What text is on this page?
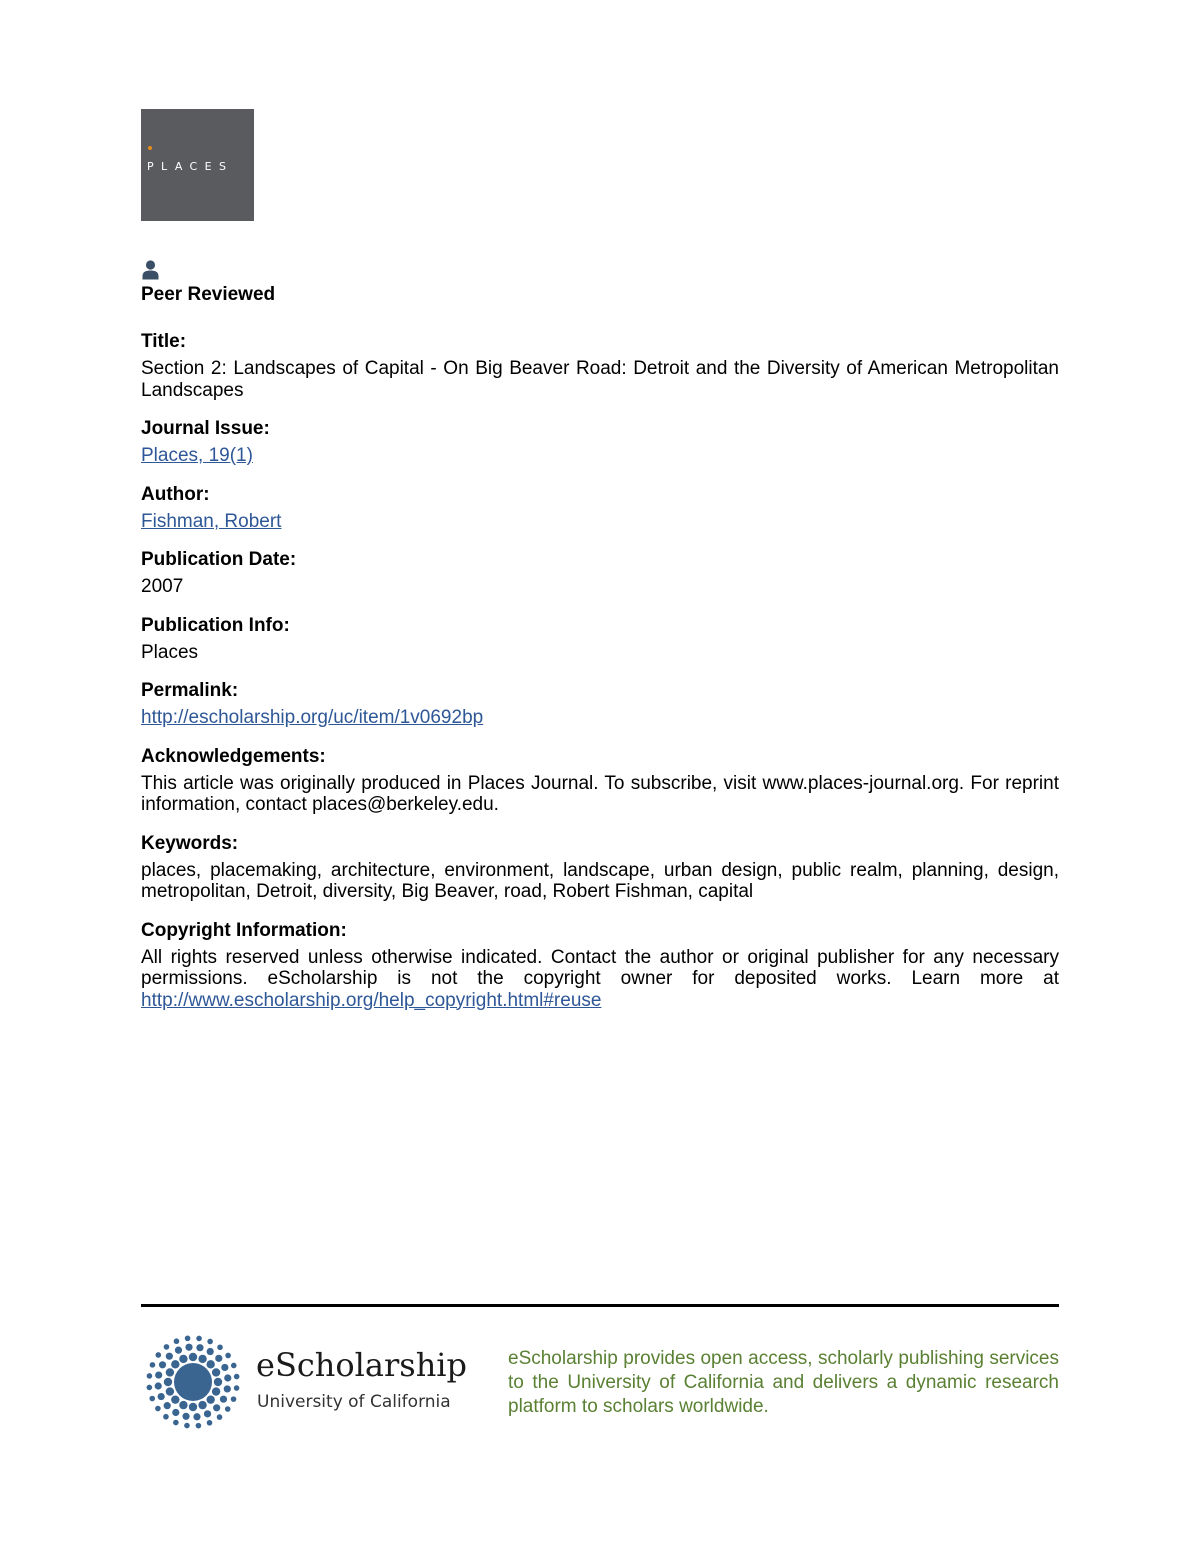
PLACES
Peer Reviewed
Title:
Section 2: Landscapes of Capital - On Big Beaver Road: Detroit and the Diversity of American Metropolitan Landscapes
Journal Issue:
Places, 19(1)
Author:
Fishman, Robert
Publication Date:
2007
Publication Info:
Places
Permalink:
http://escholarship.org/uc/item/1v0692bp
Acknowledgements:
This article was originally produced in Places Journal. To subscribe, visit www.places-journal.org. For reprint information, contact places@berkeley.edu.
Keywords:
places, placemaking, architecture, environment, landscape, urban design, public realm, planning, design, metropolitan, Detroit, diversity, Big Beaver, road, Robert Fishman, capital
Copyright Information:
All rights reserved unless otherwise indicated. Contact the author or original publisher for any necessary permissions. eScholarship is not the copyright owner for deposited works. Learn more at http://www.escholarship.org/help_copyright.html#reuse
eScholarship
University of California
eScholarship provides open access, scholarly publishing services to the University of California and delivers a dynamic research platform to scholars worldwide.
